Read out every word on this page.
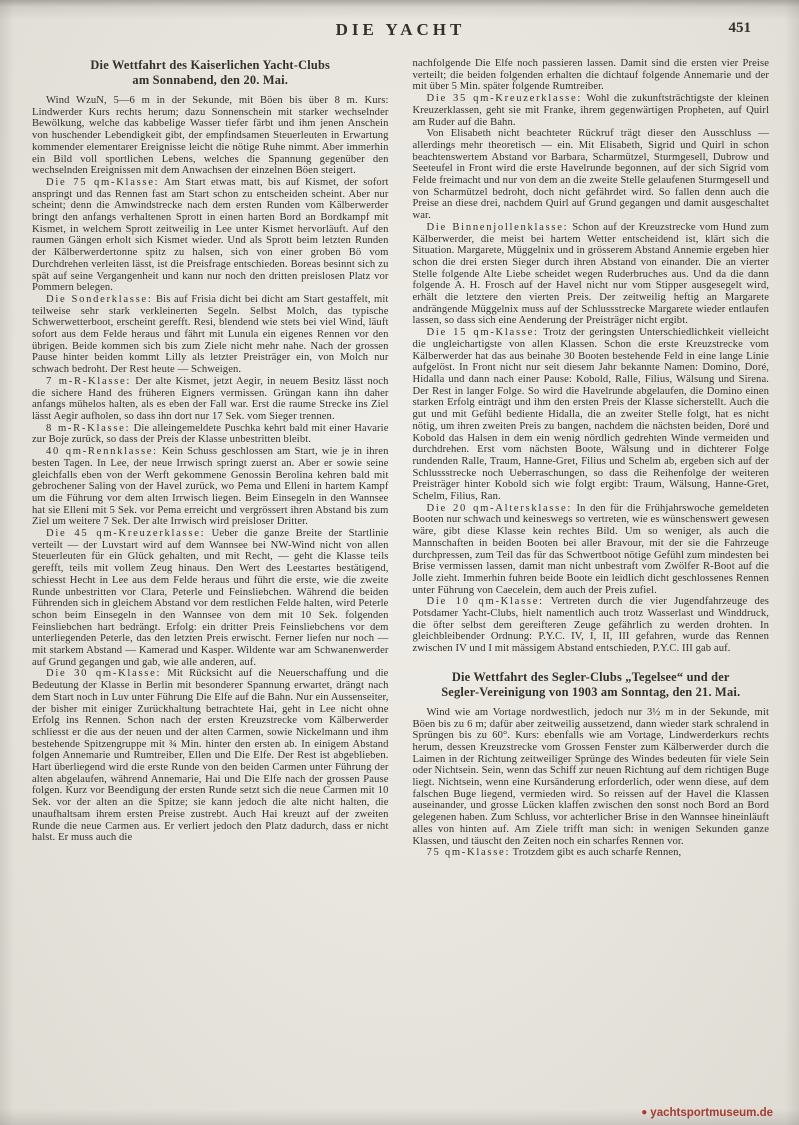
DIE YACHT	451
Die Wettfahrt des Kaiserlichen Yacht-Clubs
am Sonnabend, den 20. Mai.

Wind WzuN, 5—6 m in der Sekunde, mit Böen bis über 8 m. Kurs: Lindwerder Kurs rechts herum; dazu Sonnenschein mit starker wechselnder Bewölkung, welche das kabbelige Wasser tiefer färbt und ihm jenen Anschein von huschender Lebendigkeit gibt, der empfindsamen Steuerleuten in Erwartung kommender elementarer Ereignisse leicht die nötige Ruhe nimmt. Aber immerhin ein Bild voll sportlichen Lebens, welches die Spannung gegenüber den wechselnden Ereignissen mit dem Anwachsen der einzelnen Böen steigert.

Die 75 qm-Klasse: Am Start etwas matt, bis auf Kismet, der sofort anspringt und das Rennen fast am Start schon zu entscheiden scheint. Aber nur scheint; denn die Amwindstrecke nach dem ersten Runden vom Kälberwerder bringt den anfangs verhaltenen Sprott in einen harten Bord an Bordkampf mit Kismet, in welchem Sprott zeitweilig in Lee unter Kismet hervorläuft. Auf den raumen Gängen erholt sich Kismet wieder. Und als Sprott beim letzten Runden der Kälberwerdertonne spitz zu halsen, sich von einer groben Bö vom Durchdrehen verleiten lässt, ist die Preisfrage entschieden. Boreas besinnt sich zu spät auf seine Vergangenheit und kann nur noch den dritten preislosen Platz vor Pommern belegen.

Die Sonderklasse: Bis auf Frisia dicht bei dicht am Start gestaffelt, mit teilweise sehr stark verkleinerten Segeln. Selbst Molch, das typische Schwerwetterboot, erscheint gerefft. Resi, blendend wie stets bei viel Wind, läuft sofort aus dem Felde heraus und fährt mit Lunula ein eigenes Rennen vor den übrigen. Beide kommen sich bis zum Ziele nicht mehr nahe. Nach der grossen Pause hinter beiden kommt Lilly als letzter Preisträger ein, von Molch nur schwach bedroht. Der Rest heute — Schweigen.

7 m-R-Klasse: Der alte Kismet, jetzt Aegir, in neuem Besitz lässt noch die sichere Hand des früheren Eigners vermissen. Grüngan kann ihn daher anfangs mühelos halten, als es eben der Fall war. Erst die raume Strecke ins Ziel lässt Aegir aufholen, so dass ihn dort nur 17 Sek. vom Sieger trennen.

8 m-R-Klasse: Die alleingemeldete Puschka kehrt bald mit einer Havarie zur Boje zurück, so dass der Preis der Klasse unbestritten bleibt.

40 qm-Rennklasse: Kein Schuss geschlossen am Start, wie je in ihren besten Tagen. In Lee, der neue Irrwisch springt zuerst an. Aber er sowie seine gleichfalls eben von der Werft gekommene Genossin Berolina kehren bald mit gebrochener Saling von der Havel zurück, wo Pema und Elleni in hartem Kampf um die Führung vor dem alten Irrwisch liegen. Beim Einsegeln in den Wannsee hat sie Elleni mit 5 Sek. vor Pema erreicht und vergrössert ihren Abstand bis zum Ziel um weitere 7 Sek. Der alte Irrwisch wird preisloser Dritter.

Die 45 qm-Kreuzerklasse: Ueber die ganze Breite der Startlinie verteilt — der Luvstart wird auf dem Wannsee bei NW-Wind nicht von allen Steuerleuten für ein Glück gehalten, und mit Recht, — geht die Klasse teils gerefft, teils mit vollem Zeug hinaus. Den Wert des Leestartes bestätigend, schiesst Hecht in Lee aus dem Felde heraus und führt die erste, wie die zweite Runde unbestritten vor Clara, Peterle und Feinsliebchen. Während die beiden Führenden sich in gleichem Abstand vor dem restlichen Felde halten, wird Peterle schon beim Einsegeln in den Wannsee von dem mit 10 Sek. folgenden Feinsliebchen hart bedrängt. Erfolg: ein dritter Preis Feinsliebchens vor dem unterliegenden Peterle, das den letzten Preis erwischt. Ferner liefen nur noch — mit starkem Abstand — Kamerad und Kasper. Wildente war am Schwanenwerder auf Grund gegangen und gab, wie alle anderen, auf.

Die 30 qm-Klasse: Mit Rücksicht auf die Neuerschaffung und die Bedeutung der Klasse in Berlin mit besonderer Spannung erwartet, drängt nach dem Start noch in Luv unter Führung Die Elfe auf die Bahn. Nur ein Aussenseiter, der bisher mit einiger Zurückhaltung betrachtete Hai, geht in Lee nicht ohne Erfolg ins Rennen. Schon nach der ersten Kreuzstrecke vom Kälberwerder schliesst er die aus der neuen und der alten Carmen, sowie Nickelmann und ihm bestehende Spitzengruppe mit ¾ Min. hinter den ersten ab. In einigem Abstand folgen Annemarie und Rumtreiber, Ellen und Die Elfe. Der Rest ist abgeblieben. Hart überliegend wird die erste Runde von den beiden Carmen unter Führung der alten abgelaufen, während Annemarie, Hai und Die Elfe nach der grossen Pause folgen. Kurz vor Beendigung der ersten Runde setzt sich die neue Carmen mit 10 Sek. vor der alten an die Spitze; sie kann jedoch die alte nicht halten, die unaufhaltsam ihrem ersten Preise zustrebt. Auch Hai kreuzt auf der zweiten Runde die neue Carmen aus. Er verliert jedoch den Platz dadurch, dass er nicht halst. Er muss auch die

nachfolgende Die Elfe noch passieren lassen. Damit sind die ersten vier Preise verteilt; die beiden folgenden erhalten die dichtauf folgende Annemarie und der mit über 5 Min. später folgende Rumtreiber.

Die 35 qm-Kreuzerklasse: Wohl die zukunftsträchtigste der kleinen Kreuzerklassen, geht sie mit Franke, ihrem gegenwärtigen Propheten, auf Quirl am Ruder auf die Bahn.

Von Elisabeth nicht beachteter Rückruf trägt dieser den Ausschluss — allerdings mehr theoretisch — ein. Mit Elisabeth, Sigrid und Quirl in schon beachtenswertem Abstand vor Barbara, Scharmützel, Sturmgesell, Dubrow und Seeteufel in Front wird die erste Havelrunde begonnen, auf der sich Sigrid vom Felde freimacht und nur von dem an die zweite Stelle gelaufenen Sturmgesell und von Scharmützel bedroht, doch nicht gefährdet wird. So fallen denn auch die Preise an diese drei, nachdem Quirl auf Grund gegangen und damit ausgeschaltet war.

Die Binnenjollenklasse: Schon auf der Kreuzstrecke vom Hund zum Kälberwerder, die meist bei hartem Wetter entscheidend ist, klärt sich die Situation. Margarete, Müggelnix und in grösserem Abstand Annemie ergeben hier schon die drei ersten Sieger durch ihren Abstand von einander. Die an vierter Stelle folgende Alte Liebe scheidet wegen Ruderbruches aus. Und da die dann folgende A. H. Frosch auf der Havel nicht nur vom Stipper ausgesegelt wird, erhält die letztere den vierten Preis. Der zeitweilig heftig an Margarete andrängende Müggelnix muss auf der Schlussstrecke Margarete wieder entlaufen lassen, so dass sich eine Aenderung der Preisträger nicht ergibt.

Die 15 qm-Klasse: Trotz der geringsten Unterschiedlichkeit vielleicht die ungleichartigste von allen Klassen. Schon die erste Kreuzstrecke vom Kälberwerder hat das aus beinahe 30 Booten bestehende Feld in eine lange Linie aufgelöst. In Front nicht nur seit diesem Jahr bekannte Namen: Domino, Doré, Hidalla und dann nach einer Pause: Kobold, Ralle, Filius, Wälsung und Sirena. Der Rest in langer Folge. So wird die Havelrunde abgelaufen, die Domino einen starken Erfolg einträgt und ihm den ersten Preis der Klasse sicherstellt. Auch die gut und mit Gefühl bediente Hidalla, die an zweiter Stelle folgt, hat es nicht nötig, um ihren zweiten Preis zu bangen, nachdem die nächsten beiden, Doré und Kobold das Halsen in dem ein wenig nördlich gedrehten Winde vermeiden und durchdrehen. Erst vom nächsten Boote, Wälsung und in dichterer Folge rundenden Ralle, Traum, Hanne-Gret, Filius und Schelm ab, ergeben sich auf der Schlussstrecke noch Ueberraschungen, so dass die Reihenfolge der weiteren Preisträger hinter Kobold sich wie folgt ergibt: Traum, Wälsung, Hanne-Gret, Schelm, Filius, Ran.

Die 20 qm-Altersklasse: In den für die Frühjahrswoche gemeldeten Booten nur schwach und keineswegs so vertreten, wie es wünschenswert gewesen wäre, gibt diese Klasse kein rechtes Bild. Um so weniger, als auch die Mannschaften in beiden Booten bei aller Bravour, mit der sie die Fahrzeuge durchpressen, zum Teil das für das Schwertboot nötige Gefühl zum mindesten bei Brise vermissen lassen, damit man nicht unbestraft vom Zwölfer R-Boot auf die Jolle zieht. Immerhin fuhren beide Boote ein leidlich dicht geschlossenes Rennen unter Führung von Caecelein, dem auch der Preis zufiel.

Die 10 qm-Klasse: Vertreten durch die vier Jugendfahrzeuge des Potsdamer Yacht-Clubs, hielt namentlich auch trotz Wasserlast und Winddruck, die öfter selbst dem gereifteren Zeuge gefährlich zu werden drohten. In gleichbleibender Ordnung: P.Y.C. IV, I, II, III gefahren, wurde das Rennen zwischen IV und I mit mässigem Abstand entschieden, P.Y.C. III gab auf.

Die Wettfahrt des Segler-Clubs „Tegelsee“ und der
Segler-Vereinigung von 1903 am Sonntag, den 21. Mai.

Wind wie am Vortage nordwestlich, jedoch nur 3½ m in der Sekunde, mit Böen bis zu 6 m; dafür aber zeitweilig aussetzend, dann wieder stark schralend in Sprüngen bis zu 60°. Kurs: ebenfalls wie am Vortage, Lindwerderkurs rechts herum, dessen Kreuzstrecke vom Grossen Fenster zum Kälberwerder durch die Laimen in der Richtung zeitweiliger Sprünge des Windes bedeuten für viele Sein oder Nichtsein. Sein, wenn das Schiff zur neuen Richtung auf dem richtigen Buge liegt. Nichtsein, wenn eine Kursänderung erforderlich, oder wenn diese, auf dem falschen Buge liegend, vermieden wird. So reissen auf der Havel die Klassen auseinander, und grosse Lücken klaffen zwischen den sonst noch Bord an Bord gelegenen haben. Zum Schluss, vor achterlicher Brise in den Wannsee hineinläuft alles von hinten auf. Am Ziele trifft man sich: in wenigen Sekunden ganze Klassen, und täuscht den Zeiten noch ein scharfes Rennen vor.

75 qm-Klasse: Trotzdem gibt es auch scharfe Rennen,

● yachtsportmuseum.de
